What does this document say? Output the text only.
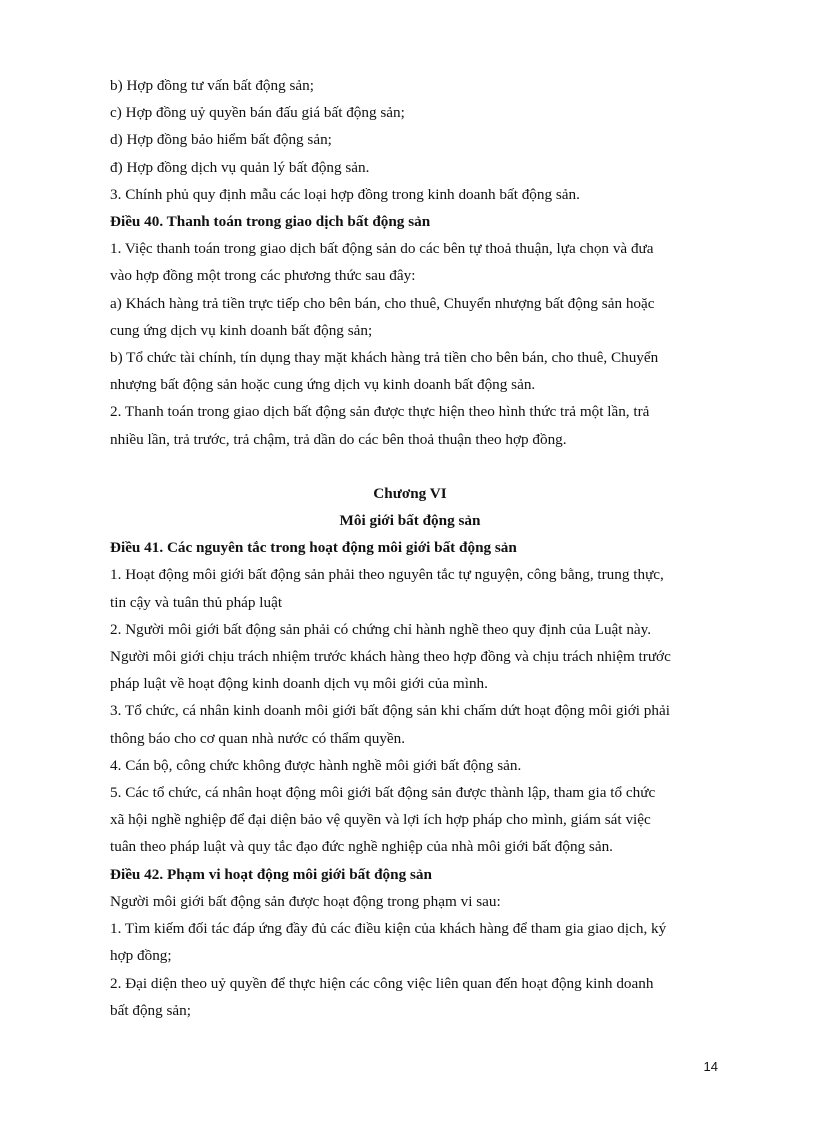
b) Hợp đồng tư vấn bất động sản;

c) Hợp đồng uỷ quyền bán đấu giá bất động sản;

d) Hợp đồng bảo hiểm bất động sản;

đ) Hợp đồng dịch vụ quản lý bất động sản.

3. Chính phủ quy định mẫu các loại hợp đồng trong kinh doanh bất động sản.

Điều 40. Thanh toán trong giao dịch bất động sản

1. Việc thanh toán trong giao dịch bất động sản do các bên tự thoả thuận, lựa chọn và đưa

vào hợp đồng một trong các phương thức sau đây:

a) Khách hàng trả tiền trực tiếp cho bên bán, cho thuê, Chuyển nhượng bất động sản hoặc

cung ứng dịch vụ kinh doanh bất động sản;

b) Tổ chức tài chính, tín dụng thay mặt khách hàng trả tiền cho bên bán, cho thuê, Chuyển

nhượng bất động sản hoặc cung ứng dịch vụ kinh doanh bất động sản.

2. Thanh toán trong giao dịch bất động sản được thực hiện theo hình thức trả một lần, trả

nhiều lần, trả trước, trả chậm, trả dần do các bên thoả thuận theo hợp đồng.

Chương VI

Môi giới bất động sản

Điều 41. Các nguyên tắc trong hoạt động môi giới bất động sản

1. Hoạt động môi giới bất động sản phải theo nguyên tắc tự nguyện, công bằng, trung thực,

tin cậy và tuân thủ pháp luật

2. Người môi giới bất động sản phải có chứng chỉ hành nghề theo quy định của Luật này.

Người môi giới chịu trách nhiệm trước khách hàng theo hợp đồng và chịu trách nhiệm trước

pháp luật về hoạt động kinh doanh dịch vụ môi giới của mình.

3. Tổ chức, cá nhân kinh doanh môi giới bất động sản khi chấm dứt hoạt động môi giới phải

thông báo cho cơ quan nhà nước có thẩm quyền.

4. Cán bộ, công chức không được hành nghề môi giới bất động sản.

5. Các tổ chức, cá nhân hoạt động môi giới bất động sản được thành lập, tham gia tổ chức

xã hội nghề nghiệp để đại diện bảo vệ quyền và lợi ích hợp pháp cho mình, giám sát việc

tuân theo pháp luật và quy tắc đạo đức nghề nghiệp của nhà môi giới bất động sản.

Điều 42. Phạm vi hoạt động môi giới bất động sản

Người môi giới bất động sản được hoạt động trong phạm vi sau:

1. Tìm kiếm đối tác đáp ứng đầy đủ các điều kiện của khách hàng để tham gia giao dịch, ký

hợp đồng;

2. Đại diện theo uỷ quyền để thực hiện các công việc liên quan đến hoạt động kinh doanh

bất động sản;

14
